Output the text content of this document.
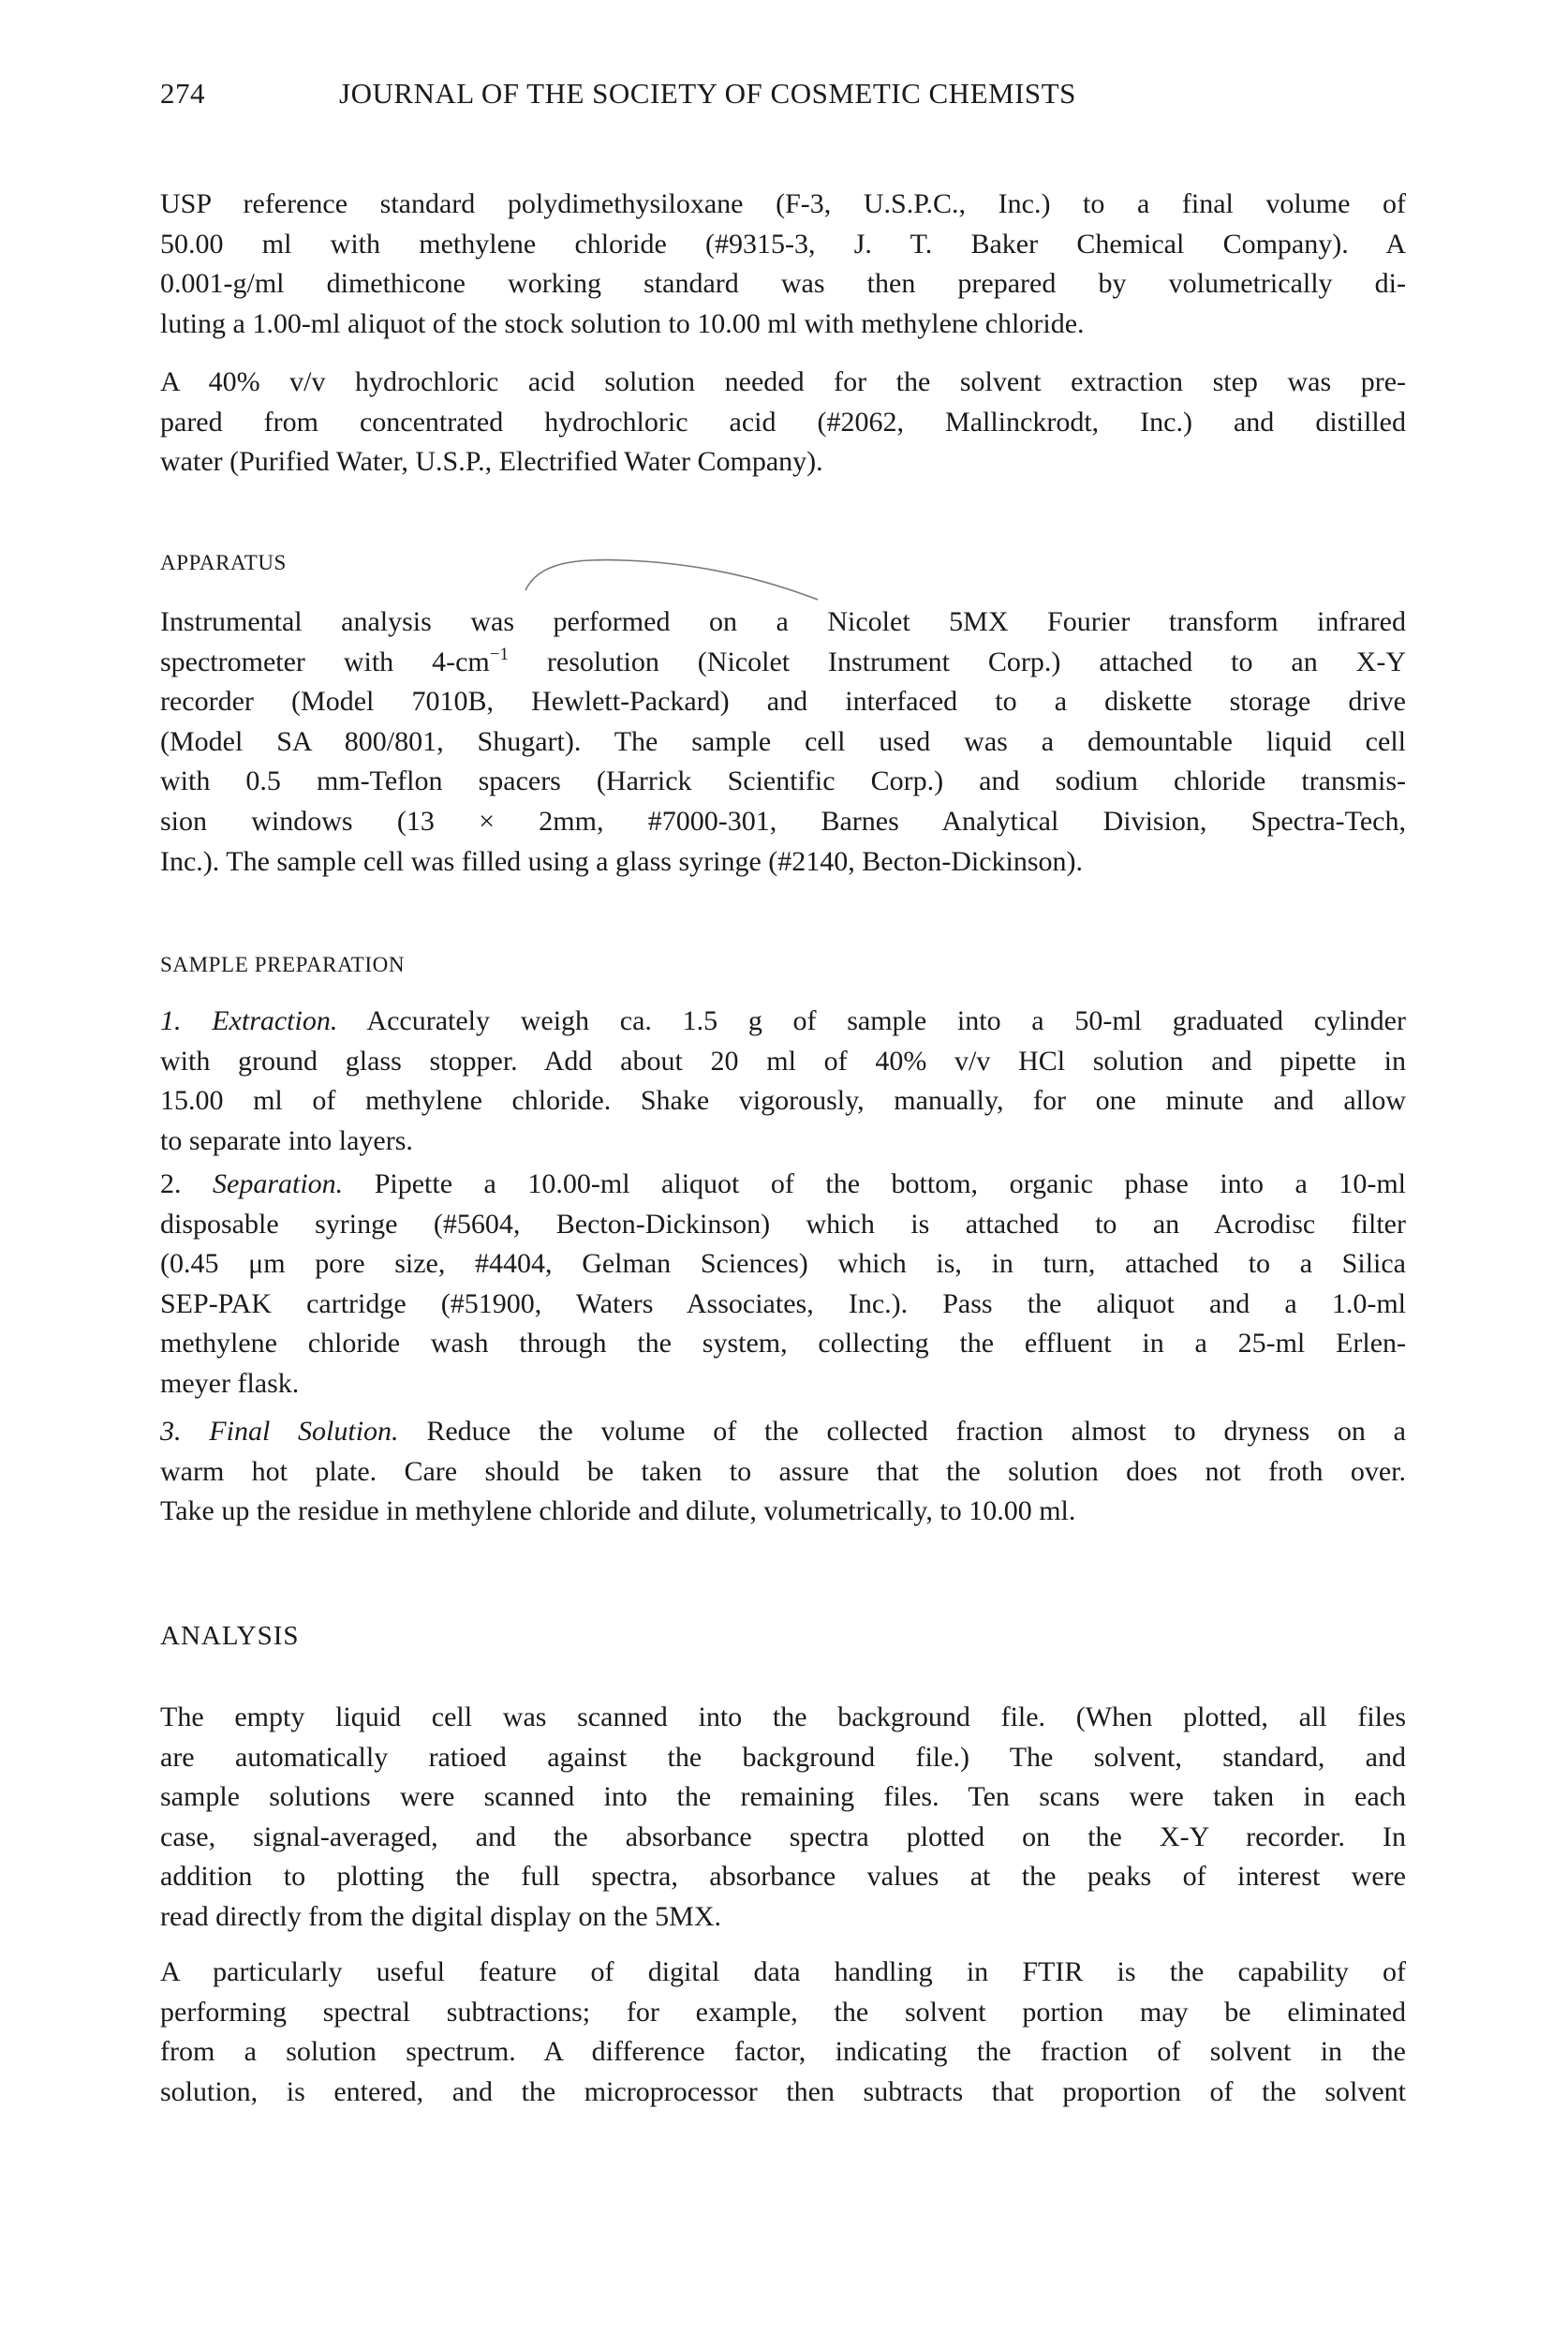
274	JOURNAL OF THE SOCIETY OF COSMETIC CHEMISTS
USP reference standard polydimethysiloxane (F-3, U.S.P.C., Inc.) to a final volume of
50.00 ml with methylene chloride (#9315-3, J. T. Baker Chemical Company). A
0.001-g/ml dimethicone working standard was then prepared by volumetrically di-
luting a 1.00-ml aliquot of the stock solution to 10.00 ml with methylene chloride.
A 40% v/v hydrochloric acid solution needed for the solvent extraction step was pre-
pared from concentrated hydrochloric acid (#2062, Mallinckrodt, Inc.) and distilled
water (Purified Water, U.S.P., Electrified Water Company).
APPARATUS
Instrumental analysis was performed on a Nicolet 5MX Fourier transform infrared
spectrometer with $4-cm^{-1}$ resolution (Nicolet Instrument Corp.) attached to an X-Y
recorder (Model 7010B, Hewlett-Packard) and interfaced to a diskette storage drive
(Model SA 800/801, Shugart). The sample cell used was a demountable liquid cell
with 0.5 mm-Teflon spacers (Harrick Scientific Corp.) and sodium chloride transmis-
sion windows (13 × 2mm, #7000-301, Barnes Analytical Division, Spectra-Tech,
Inc.). The sample cell was filled using a glass syringe (#2140, Becton-Dickinson).
SAMPLE PREPARATION
1. Extraction. Accurately weigh ca. 1.5 g of sample into a 50-ml graduated cylinder
with ground glass stopper. Add about 20 ml of 40% v/v HCl solution and pipette in
15.00 ml of methylene chloride. Shake vigorously, manually, for one minute and allow
to separate into layers.
2. Separation. Pipette a 10.00-ml aliquot of the bottom, organic phase into a 10-ml
disposable syringe (#5604, Becton-Dickinson) which is attached to an Acrodisc filter
(0.45 μm pore size, #4404, Gelman Sciences) which is, in turn, attached to a Silica
SEP-PAK cartridge (#51900, Waters Associates, Inc.). Pass the aliquot and a 1.0-ml
methylene chloride wash through the system, collecting the effluent in a 25-ml Erlen-
meyer flask.
3. Final Solution. Reduce the volume of the collected fraction almost to dryness on a
warm hot plate. Care should be taken to assure that the solution does not froth over.
Take up the residue in methylene chloride and dilute, volumetrically, to 10.00 ml.
ANALYSIS
The empty liquid cell was scanned into the background file. (When plotted, all files
are automatically ratioed against the background file.) The solvent, standard, and
sample solutions were scanned into the remaining files. Ten scans were taken in each
case, signal-averaged, and the absorbance spectra plotted on the X-Y recorder. In
addition to plotting the full spectra, absorbance values at the peaks of interest were
read directly from the digital display on the 5MX.
A particularly useful feature of digital data handling in FTIR is the capability of
performing spectral subtractions; for example, the solvent portion may be eliminated
from a solution spectrum. A difference factor, indicating the fraction of solvent in the
solution, is entered, and the microprocessor then subtracts that proportion of the solvent
